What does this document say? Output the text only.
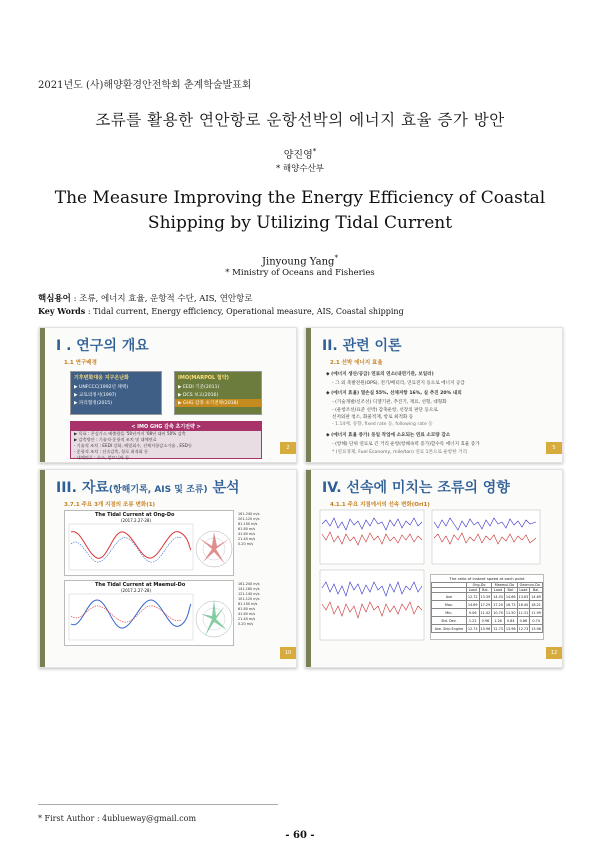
2021년도 (사)해양환경안전학회 춘계학술발표회
조류를 활용한 연안항로 운항선박의 에너지 효율 증가 방안
양진영*
* 해양수산부
The Measure Improving the Energy Efficiency of Coastal Shipping by Utilizing Tidal Current
Jinyoung Yang*
* Ministry of Oceans and Fisheries
핵심용어 : 조류, 에너지 효율, 운항적 수단, AIS, 연안항로
Key Words : Tidal current, Energy efficiency, Operational measure, AIS, Coastal shipping
I . 연구의 개요
1.1 연구배경
기후변화대응 지구온난화
▶ UNFCCC(1992년 채택)
▶ 교토의정서(1997)
▶ 파리협정(2015)
IMO(MARPOL 협약)
▶ EEDI 기준(2011)
▶ DCS 보고(2016)
▶ GHG 감축 초기전략(2018)
< IMO GHG 감축 초기전략 >
▶ 목표 : 온실가스 배출량을 '50년까지 '08년 대비 50% 감축
▶ 감축방안 : 기술적·운항적 조치 및 대체연료
· 기술적 조치 : EEDI 강화, 배열회수, 선체저항감소기술 , ESD등
· 운항적 조치 : 선속감축, 항로 최적화 등
· 대체연료 : 수소, 암모니아 등
2
II. 관련 이론
2.1 선박 에너지 효율
◆ (에너지 생산/공급) 연료의 연소(내연기관, 보일러)
- 그 외 축발전원(OPS), 전기/배터리, 연료전지 등으로 에너지 공급
◆ (에너지 효율) 열손실 55%, 선체저항 16%, 실 추진 20% 내외
- (기술개발/신조선) 디젤기관, 추진기, 재료, 선형, 대형화
- (운항조선/표준 선박) 감축운항, 선장의 판단 등으로
선저외판 청소, 화물적재, 항로 최적화 등
- 1.14배, 풍향, fixed rate 등, following rate 등
◆ (에너지 효율 증가) 동일 작업에 소요되는 연료 소모량 감소
- (항해) 단위 연료로 긴 거리 운항(항해속력 증가)할수록 에너지 효율 증가
* (연료경제, Fuel Economy, mile/ton) 연료 1톤으로 운항한 거리
5
III. 자료(항해기록, AIS 및 조류) 분석
3.7.1 주요 3개 지점의 조류 변화(1)
The Tidal Current at Ong-Do
(2017.2.27-28)
The Tidal Current at Maemul-Do
(2017.2.27-28)
161-240 m/s
201-120 m/s
81-100 m/s
61-80 m/s
41-60 m/s
21-40 m/s
0-20 m/s
161-240 m/s
141-160 m/s
121-140 m/s
101-120 m/s
81-100 m/s
61-80 m/s
41-60 m/s
21-40 m/s
0-20 m/s
10
IV. 선속에 미치는 조류의 영향
4.1.1 주요 지점에서의 선속 변화(Ori1)
The ratio of instant speed at each point
	Ong-Do		Maemul-Do		Geomun-Do	
	Load	Bal.	Load	Bal.	Load	Bal.
Ave	12.72	13.39	14.53	14.66	13.63	14.69
Max.	14.69	17.29	17.20	16.73	16.40	18.21
Min.	9.06	11.42	10.70	11.50	11.31	11.99
Std. Dev.	1.22	0.96	1.26	0.84	0.86	0.74
Ave. Ship Engine	12.73	13.96	12.73	13.96	12.73	13.96
12
* First Author : 4ublueway@gmail.com
- 60 -
